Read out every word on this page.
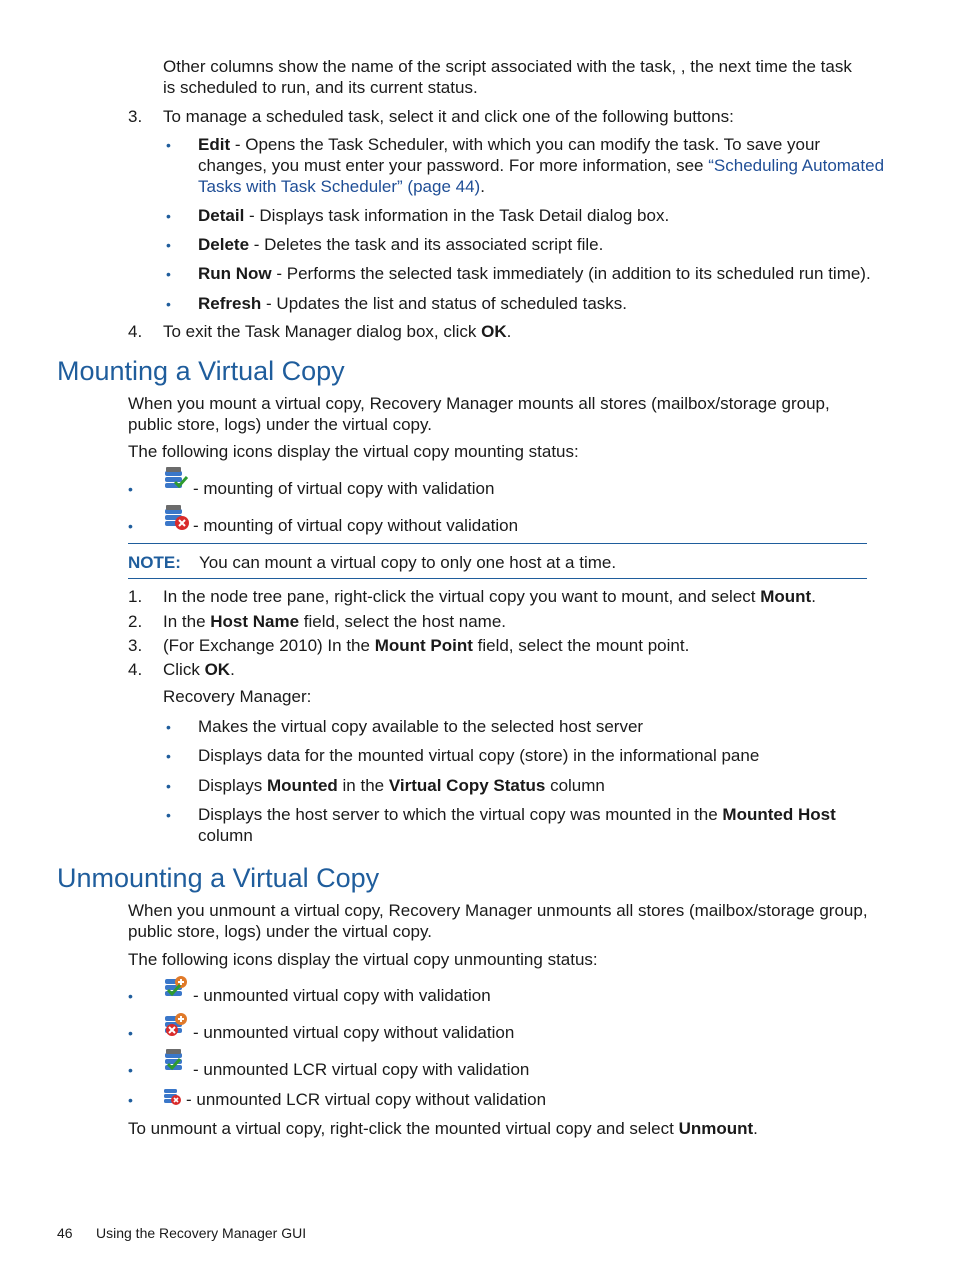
Other columns show the name of the script associated with the task, , the next time the task
is scheduled to run, and its current status.
3. To manage a scheduled task, select it and click one of the following buttons:
• Edit - Opens the Task Scheduler, with which you can modify the task. To save your
changes, you must enter your password. For more information, see “Scheduling Automated
Tasks with Task Scheduler” (page 44).
• Detail - Displays task information in the Task Detail dialog box.
• Delete - Deletes the task and its associated script file.
• Run Now - Performs the selected task immediately (in addition to its scheduled run time).
• Refresh - Updates the list and status of scheduled tasks.
4. To exit the Task Manager dialog box, click OK.
Mounting a Virtual Copy
When you mount a virtual copy, Recovery Manager mounts all stores (mailbox/storage group,
public store, logs) under the virtual copy.
The following icons display the virtual copy mounting status:
•	- mounting of virtual copy with validation
•	- mounting of virtual copy without validation
NOTE: You can mount a virtual copy to only one host at a time.
1. In the node tree pane, right-click the virtual copy you want to mount, and select Mount.
2. In the Host Name field, select the host name.
3. (For Exchange 2010) In the Mount Point field, select the mount point.
4. Click OK.
Recovery Manager:
• Makes the virtual copy available to the selected host server
• Displays data for the mounted virtual copy (store) in the informational pane
• Displays Mounted in the Virtual Copy Status column
• Displays the host server to which the virtual copy was mounted in the Mounted Host
column
Unmounting a Virtual Copy
When you unmount a virtual copy, Recovery Manager unmounts all stores (mailbox/storage group,
public store, logs) under the virtual copy.
The following icons display the virtual copy unmounting status:
•	- unmounted virtual copy with validation
•	- unmounted virtual copy without validation
•	- unmounted LCR virtual copy with validation
•	- unmounted LCR virtual copy without validation
To unmount a virtual copy, right-click the mounted virtual copy and select Unmount.
46 Using the Recovery Manager GUI
